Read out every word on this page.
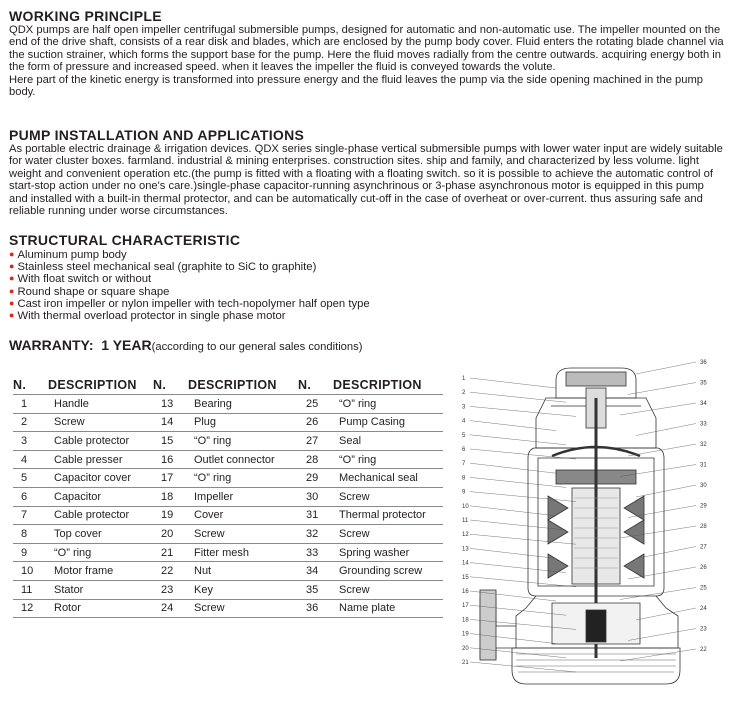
WORKING PRINCIPLE

QDX pumps are half open impeller centrifugal submersible pumps, designed for automatic and non-automatic use. The impeller mounted on the end of the drive shaft, consists of a rear disk and blades, which are enclosed by the pump body cover. Fluid enters the rotating blade channel via the suction strainer, which forms the support base for the pump. Here the fluid moves radially from the centre outwards. acquiring energy both in the form of pressure and increased speed. when it leaves the impeller the fluid is conveyed towards the volute.

Here part of the kinetic energy is transformed into pressure energy and the fluid leaves the pump via the side opening machined in the pump body.

PUMP INSTALLATION AND APPLICATIONS

As portable electric drainage & irrigation devices. QDX series single-phase vertical submersible pumps with lower water input are widely suitable for water cluster boxes. farmland. industrial & mining enterprises. construction sites. ship and family, and characterized by less volume. light weight and convenient operation etc.(the pump is fitted with a floating with a floating switch. so it is possible to achieve the automatic control of start-stop action under no one's care.)single-phase capacitor-running asynchrinous or 3-phase asynchronous motor is equipped in this pump and installed with a built-in thermal protector, and can be automatically cut-off in the case of overheat or over-current. thus assuring safe and reliable running under worse circumstances.

STRUCTURAL CHARACTERISTIC
● Aluminum pump body
● Stainless steel mechanical seal (graphite to SiC to graphite)
● With float switch or without
● Round shape or square shape
● Cast iron impeller or nylon impeller with tech-nopolymer half open type
● With thermal overload protector in single phase motor
WARRANTY: 1 YEAR(according to our general sales conditions)
N.	DESCRIPTION	N.	DESCRIPTION	N.	DESCRIPTION
1	Handle	13	Bearing	25	“O” ring
2	Screw	14	Plug	26	Pump Casing
3	Cable protector	15	“O” ring	27	Seal
4	Cable presser	16	Outlet connector	28	“O” ring
5	Capacitor cover	17	“O” ring	29	Mechanical seal
6	Capacitor	18	Impeller	30	Screw
7	Cable protector	19	Cover	31	Thermal protector
8	Top cover	20	Screw	32	Screw
9	“O” ring	21	Fitter mesh	33	Spring washer
10	Motor frame	22	Nut	34	Grounding screw
11	Stator	23	Key	35	Screw
12	Rotor	24	Screw	36	Name plate
1
2
3
4
5
6
7
8
9
10
11
12
13
14
15
16
17
18
19
20
21
36
35
34
33
32
31
30
29
28
27
26
25
24
23
22
